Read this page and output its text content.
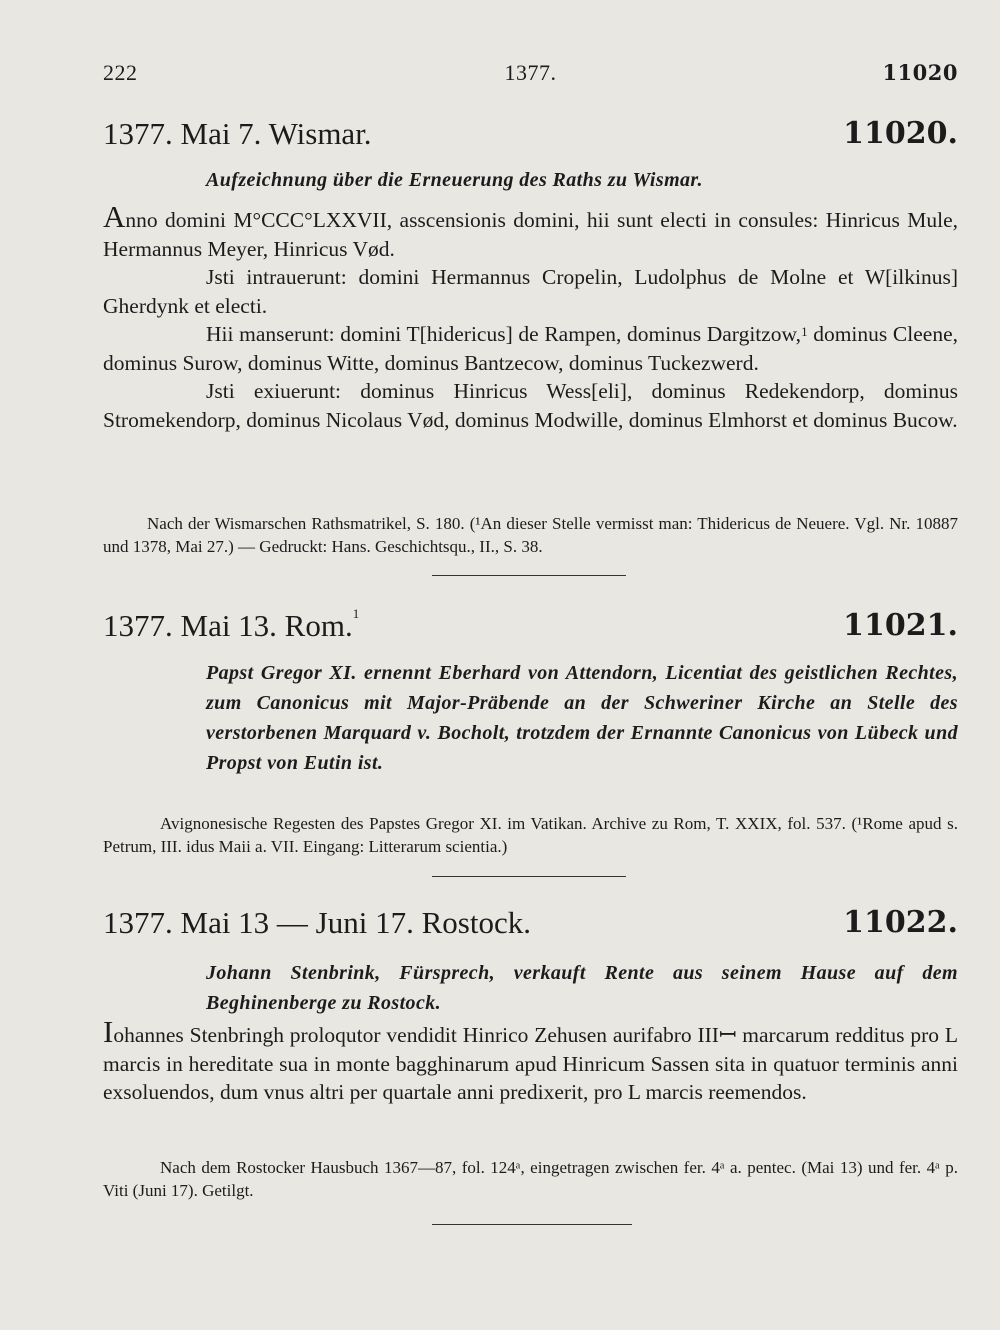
222	1377.	11020
1377. Mai 7. Wismar.	11020.
Aufzeichnung über die Erneuerung des Raths zu Wismar.

Anno domini M°CCC°LXXVII, asscensionis domini, hii sunt electi in consules: Hinricus Mule, Hermannus Meyer, Hinricus Vød.

Jsti intrauerunt: domini Hermannus Cropelin, Ludolphus de Molne et W[ilkinus] Gherdynk et electi.

Hii manserunt: domini T[hidericus] de Rampen, dominus Dargitzow,$^1$ dominus Cleene, dominus Surow, dominus Witte, dominus Bantzecow, dominus Tuckezwerd.

Jsti exiuerunt: dominus Hinricus Wess[eli], dominus Redekendorp, dominus Stromekendorp, dominus Nicolaus Vød, dominus Modwille, dominus Elmhorst et dominus Bucow.

Nach der Wismarschen Rathsmatrikel, S. 180. (¹An dieser Stelle vermisst man: Thidericus de Neuere. Vgl. Nr. 10887 und 1378, Mai 27.) — Gedruckt: Hans. Geschichtsqu., II., S. 38.
1377. Mai 13. Rom.$^1$	11021.
Papst Gregor XI. ernennt Eberhard von Attendorn, Licentiat des geistlichen Rechtes, zum Canonicus mit Major-Präbende an der Schweriner Kirche an Stelle des verstorbenen Marquard v. Bocholt, trotzdem der Ernannte Canonicus von Lübeck und Propst von Eutin ist.
Avignonesische Regesten des Papstes Gregor XI. im Vatikan. Archive zu Rom, T. XXIX, fol. 537. (¹Rome apud s. Petrum, III. idus Maii a. VII. Eingang: Litterarum scientia.)
1377. Mai 13 — Juni 17. Rostock.	11022.
Johann Stenbrink, Fürsprech, verkauft Rente aus seinem Hause auf dem Beghinenberge zu Rostock.

Iohannes Stenbringh proloqutor vendidit Hinrico Zehusen aurifabro IIIꟷ marcarum redditus pro L marcis in hereditate sua in monte bagghinarum apud Hinricum Sassen sita in quatuor terminis anni exsoluendos, dum vnus altri per quartale anni predixerit, pro L marcis reemendos.

Nach dem Rostocker Hausbuch 1367—87, fol. 124ᵃ, eingetragen zwischen fer. 4ᵃ a. pentec. (Mai 13) und fer. 4ᵃ p. Viti (Juni 17). Getilgt.
